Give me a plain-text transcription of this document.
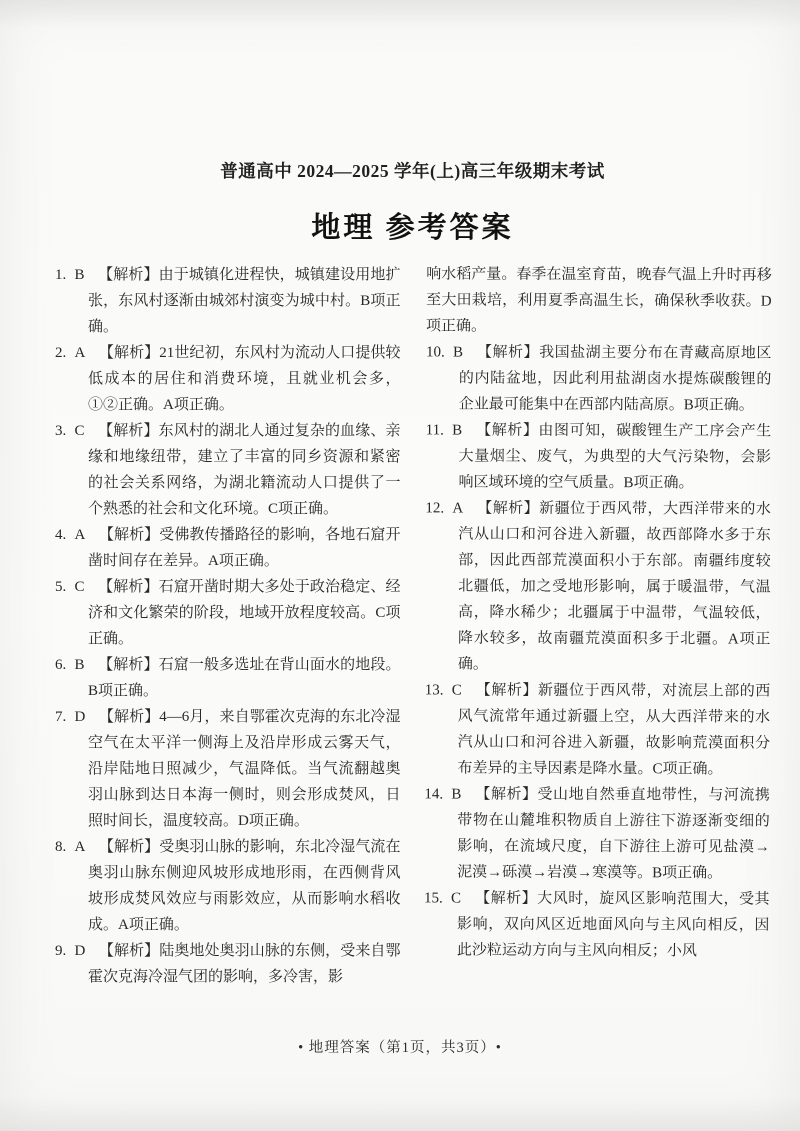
普通高中 2024—2025 学年(上)高三年级期末考试
地理 参考答案

1. B 【解析】由于城镇化进程快，城镇建设用地扩张，东风村逐渐由城郊村演变为城中村。B项正确。

2. A 【解析】21世纪初，东风村为流动人口提供较低成本的居住和消费环境，且就业机会多，①②正确。A项正确。

3. C 【解析】东风村的湖北人通过复杂的血缘、亲缘和地缘纽带，建立了丰富的同乡资源和紧密的社会关系网络，为湖北籍流动人口提供了一个熟悉的社会和文化环境。C项正确。

4. A 【解析】受佛教传播路径的影响，各地石窟开凿时间存在差异。A项正确。

5. C 【解析】石窟开凿时期大多处于政治稳定、经济和文化繁荣的阶段，地域开放程度较高。C项正确。

6. B 【解析】石窟一般多选址在背山面水的地段。B项正确。

7. D 【解析】4—6月，来自鄂霍次克海的东北冷湿空气在太平洋一侧海上及沿岸形成云雾天气，沿岸陆地日照减少，气温降低。当气流翻越奥羽山脉到达日本海一侧时，则会形成焚风，日照时间长，温度较高。D项正确。

8. A 【解析】受奥羽山脉的影响，东北冷湿气流在奥羽山脉东侧迎风坡形成地形雨，在西侧背风坡形成焚风效应与雨影效应，从而影响水稻收成。A项正确。

9. D 【解析】陆奥地处奥羽山脉的东侧，受来自鄂霍次克海冷湿气团的影响，多冷害，影

响水稻产量。春季在温室育苗，晚春气温上升时再移至大田栽培，利用夏季高温生长，确保秋季收获。D项正确。

10. B 【解析】我国盐湖主要分布在青藏高原地区的内陆盆地，因此利用盐湖卤水提炼碳酸锂的企业最可能集中在西部内陆高原。B项正确。

11. B 【解析】由图可知，碳酸锂生产工序会产生大量烟尘、废气，为典型的大气污染物，会影响区域环境的空气质量。B项正确。

12. A 【解析】新疆位于西风带，大西洋带来的水汽从山口和河谷进入新疆，故西部降水多于东部，因此西部荒漠面积小于东部。南疆纬度较北疆低，加之受地形影响，属于暖温带，气温高，降水稀少；北疆属于中温带，气温较低，降水较多，故南疆荒漠面积多于北疆。A项正确。

13. C 【解析】新疆位于西风带，对流层上部的西风气流常年通过新疆上空，从大西洋带来的水汽从山口和河谷进入新疆，故影响荒漠面积分布差异的主导因素是降水量。C项正确。

14. B 【解析】受山地自然垂直地带性，与河流携带物在山麓堆积物质自上游往下游逐渐变细的影响，在流域尺度，自下游往上游可见盐漠→泥漠→砾漠→岩漠→寒漠等。B项正确。

15. C 【解析】大风时，旋风区影响范围大，受其影响，双向风区近地面风向与主风向相反，因此沙粒运动方向与主风向相反；小风

• 地理答案（第1页，共3页）•
